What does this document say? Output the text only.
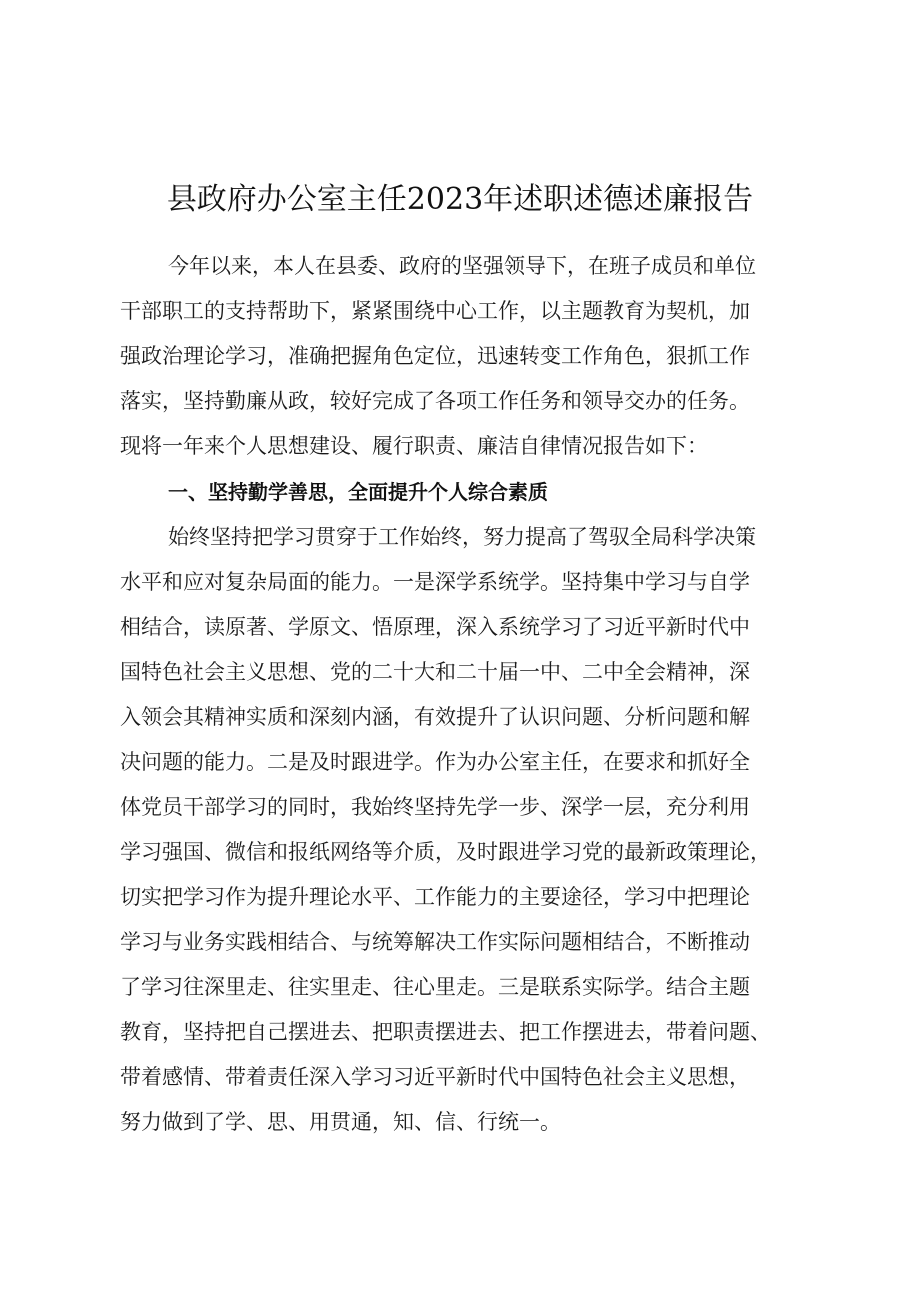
县政府办公室主任2023年述职述德述廉报告
今年以来，本人在县委、政府的坚强领导下，在班子成员和单位
干部职工的支持帮助下，紧紧围绕中心工作，以主题教育为契机，加
强政治理论学习，准确把握角色定位，迅速转变工作角色，狠抓工作
落实，坚持勤廉从政，较好完成了各项工作任务和领导交办的任务。
现将一年来个人思想建设、履行职责、廉洁自律情况报告如下：
一、坚持勤学善思，全面提升个人综合素质
始终坚持把学习贯穿于工作始终，努力提高了驾驭全局科学决策
水平和应对复杂局面的能力。一是深学系统学。坚持集中学习与自学
相结合，读原著、学原文、悟原理，深入系统学习了习近平新时代中
国特色社会主义思想、党的二十大和二十届一中、二中全会精神，深
入领会其精神实质和深刻内涵，有效提升了认识问题、分析问题和解
决问题的能力。二是及时跟进学。作为办公室主任，在要求和抓好全
体党员干部学习的同时，我始终坚持先学一步、深学一层，充分利用
学习强国、微信和报纸网络等介质，及时跟进学习党的最新政策理论，
切实把学习作为提升理论水平、工作能力的主要途径，学习中把理论
学习与业务实践相结合、与统筹解决工作实际问题相结合，不断推动
了学习往深里走、往实里走、往心里走。三是联系实际学。结合主题
教育，坚持把自己摆进去、把职责摆进去、把工作摆进去，带着问题、
带着感情、带着责任深入学习习近平新时代中国特色社会主义思想，
努力做到了学、思、用贯通，知、信、行统一。
